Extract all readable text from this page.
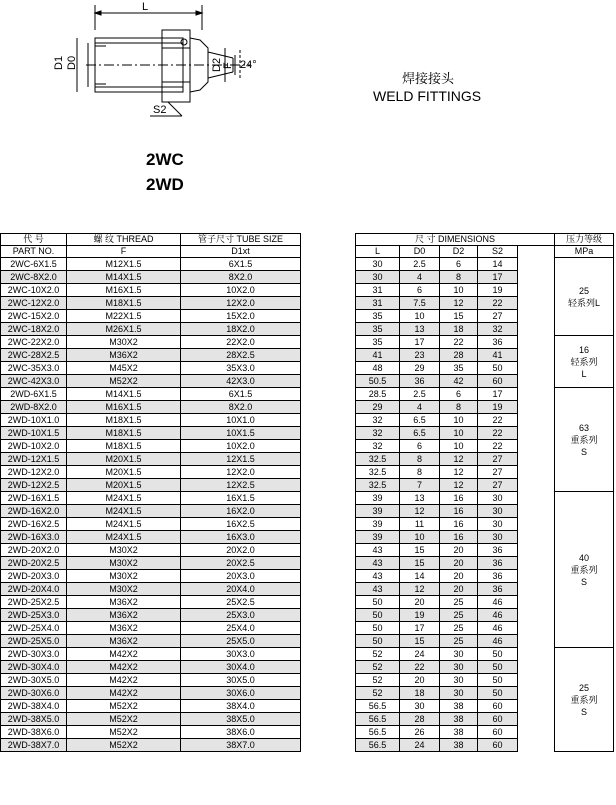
L
D1 D0	D2 F 24°
S2
焊接接头
WELD FITTINGS
2WC
2WD
代 号	螺 纹 THREAD	管子尺寸 TUBE SIZE		尺 寸 DIMENSIONS					压力等级
PART NO.	F	D1xt		L	D0	D2	S2		MPa
2WC-6X1.5	M12X1.5	6X1.5		30	2.5	6	14		25
轻系列L

2WC-8X2.0	M14X1.5	8X2.0		30	4	8	17		
2WC-10X2.0	M16X1.5	10X2.0		31	6	10	19		
2WC-12X2.0	M18X1.5	12X2.0		31	7.5	12	22		
2WC-15X2.0	M22X1.5	15X2.0		35	10	15	27		
2WC-18X2.0	M26X1.5	18X2.0		35	13	18	32		
2WC-22X2.0	M30X2	22X2.0		35	17	22	36		16
轻系列
L

2WC-28X2.5	M36X2	28X2.5		41	23	28	41		
2WC-35X3.0	M45X2	35X3.0		48	29	35	50		
2WC-42X3.0	M52X2	42X3.0		50.5	36	42	60		
2WD-6X1.5	M14X1.5	6X1.5		28.5	2.5	6	17		63
重系列
S

2WD-8X2.0	M16X1.5	8X2.0		29	4	8	19		
2WD-10X1.0	M18X1.5	10X1.0		32	6.5	10	22		
2WD-10X1.5	M18X1.5	10X1.5		32	6.5	10	22		
2WD-10X2.0	M18X1.5	10X2.0		32	6	10	22		
2WD-12X1.5	M20X1.5	12X1.5		32.5	8	12	27		
2WD-12X2.0	M20X1.5	12X2.0		32.5	8	12	27		
2WD-12X2.5	M20X1.5	12X2.5		32.5	7	12	27		
2WD-16X1.5	M24X1.5	16X1.5		39	13	16	30		40
重系列
S

2WD-16X2.0	M24X1.5	16X2.0		39	12	16	30		
2WD-16X2.5	M24X1.5	16X2.5		39	11	16	30		
2WD-16X3.0	M24X1.5	16X3.0		39	10	16	30		
2WD-20X2.0	M30X2	20X2.0		43	15	20	36		
2WD-20X2.5	M30X2	20X2.5		43	15	20	36		
2WD-20X3.0	M30X2	20X3.0		43	14	20	36		
2WD-20X4.0	M30X2	20X4.0		43	12	20	36		
2WD-25X2.5	M36X2	25X2.5		50	20	25	46		
2WD-25X3.0	M36X2	25X3.0		50	19	25	46		
2WD-25X4.0	M36X2	25X4.0		50	17	25	46		
2WD-25X5.0	M36X2	25X5.0		50	15	25	46		
2WD-30X3.0	M42X2	30X3.0		52	24	30	50		25
重系列
S

2WD-30X4.0	M42X2	30X4.0		52	22	30	50		
2WD-30X5.0	M42X2	30X5.0		52	20	30	50		
2WD-30X6.0	M42X2	30X6.0		52	18	30	50		
2WD-38X4.0	M52X2	38X4.0		56.5	30	38	60		
2WD-38X5.0	M52X2	38X5.0		56.5	28	38	60		
2WD-38X6.0	M52X2	38X6.0		56.5	26	38	60		
2WD-38X7.0	M52X2	38X7.0		56.5	24	38	60		
